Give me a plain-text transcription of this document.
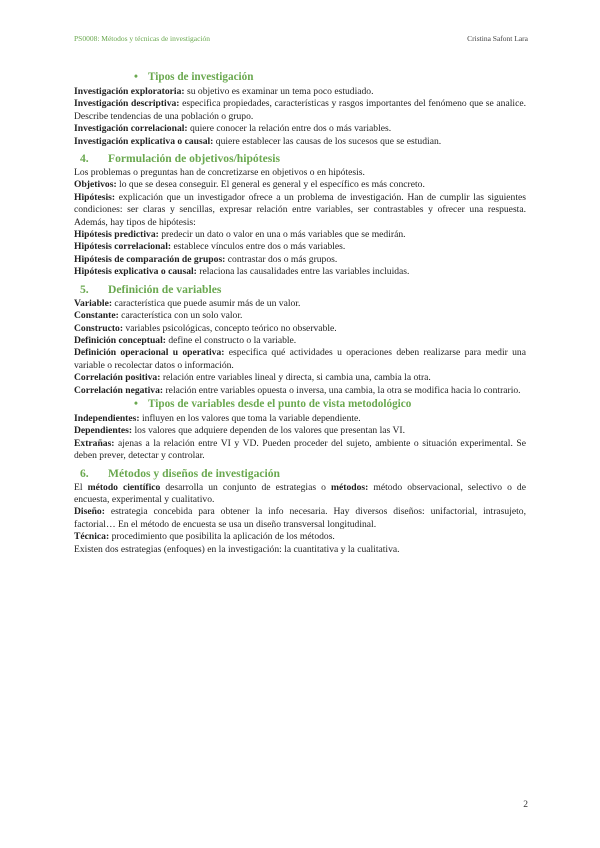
PS0008: Métodos y técnicas de investigación	Cristina Safont Lara
• Tipos de investigación

Investigación exploratoria: su objetivo es examinar un tema poco estudiado.

Investigación descriptiva: especifica propiedades, características y rasgos importantes del fenómeno que se analice. Describe tendencias de una población o grupo.

Investigación correlacional: quiere conocer la relación entre dos o más variables.

Investigación explicativa o causal: quiere establecer las causas de los sucesos que se estudian.

4. Formulación de objetivos/hipótesis

Los problemas o preguntas han de concretizarse en objetivos o en hipótesis.

Objetivos: lo que se desea conseguir. El general es general y el específico es más concreto.

Hipótesis: explicación que un investigador ofrece a un problema de investigación. Han de cumplir las siguientes condiciones: ser claras y sencillas, expresar relación entre variables, ser contrastables y ofrecer una respuesta. Además, hay tipos de hipótesis:

Hipótesis predictiva: predecir un dato o valor en una o más variables que se medirán.

Hipótesis correlacional: establece vínculos entre dos o más variables.

Hipótesis de comparación de grupos: contrastar dos o más grupos.

Hipótesis explicativa o causal: relaciona las causalidades entre las variables incluidas.

5. Definición de variables

Variable: característica que puede asumir más de un valor.

Constante: característica con un solo valor.

Constructo: variables psicológicas, concepto teórico no observable.

Definición conceptual: define el constructo o la variable.

Definición operacional u operativa: especifica qué actividades u operaciones deben realizarse para medir una variable o recolectar datos o información.

Correlación positiva: relación entre variables lineal y directa, si cambia una, cambia la otra.

Correlación negativa: relación entre variables opuesta o inversa, una cambia, la otra se modifica hacia lo contrario.

• Tipos de variables desde el punto de vista metodológico

Independientes: influyen en los valores que toma la variable dependiente.

Dependientes: los valores que adquiere dependen de los valores que presentan las VI.

Extrañas: ajenas a la relación entre VI y VD. Pueden proceder del sujeto, ambiente o situación experimental. Se deben prever, detectar y controlar.

6. Métodos y diseños de investigación

El método científico desarrolla un conjunto de estrategias o métodos: método observacional, selectivo o de encuesta, experimental y cualitativo.

Diseño: estrategia concebida para obtener la info necesaria. Hay diversos diseños: unifactorial, intrasujeto, factorial… En el método de encuesta se usa un diseño transversal longitudinal.

Técnica: procedimiento que posibilita la aplicación de los métodos.

Existen dos estrategias (enfoques) en la investigación: la cuantitativa y la cualitativa.

2
